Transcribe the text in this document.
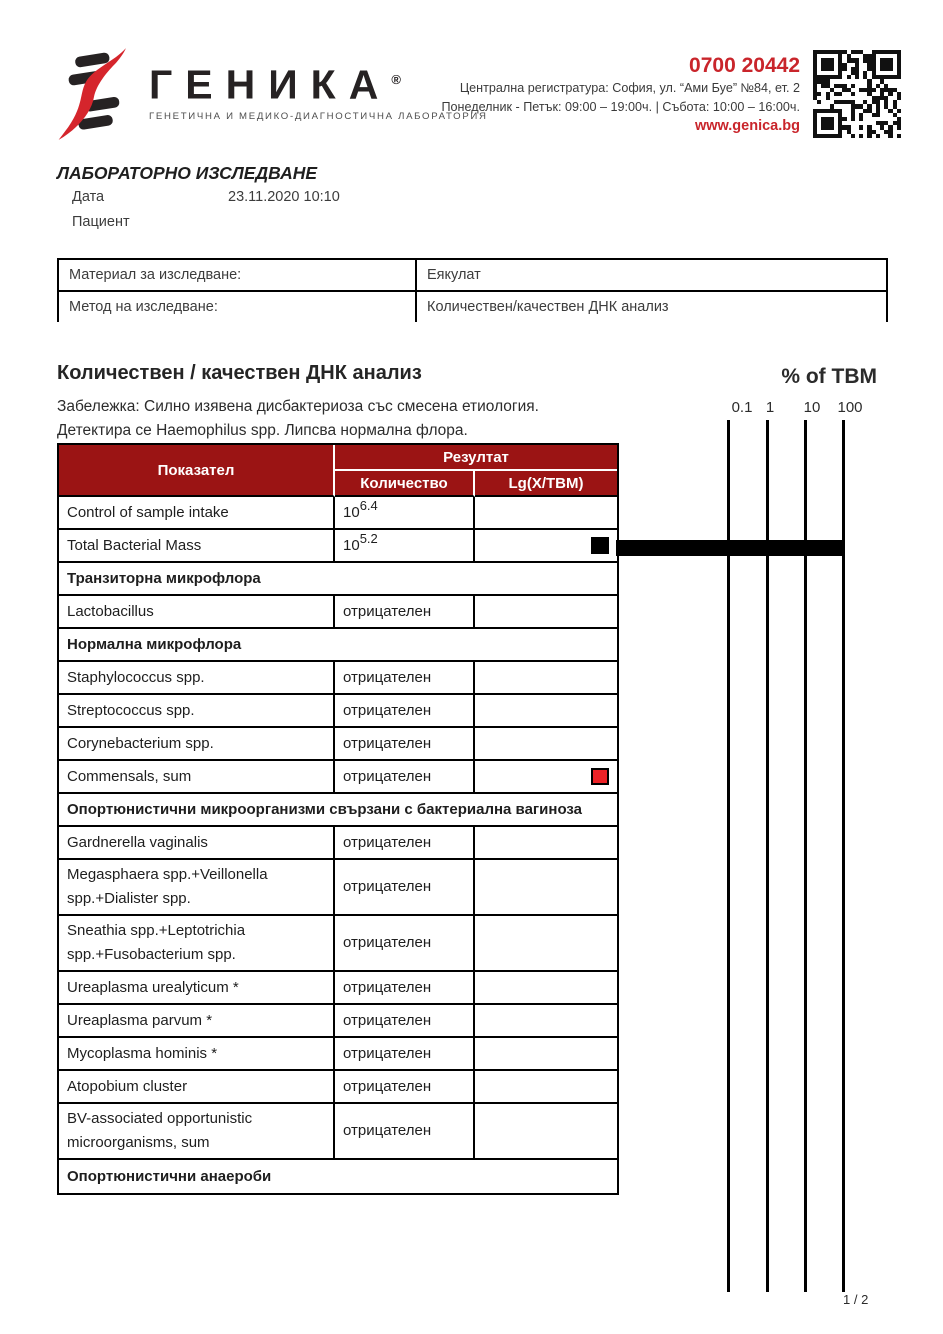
ГЕНИКА®
ГЕНЕТИЧНА И МЕДИКО-ДИАГНОСТИЧНА ЛАБОРАТОРИЯ
0700 20442
Централна регистратура: София, ул. “Ами Буе” №84, ет. 2
Понеделник - Петък: 09:00 – 19:00ч. | Събота: 10:00 – 16:00ч.
www.genica.bg
ЛАБОРАТОРНО ИЗСЛЕДВАНЕ
Дата	23.11.2020 10:10
Пациент
Материал за изследване:	Еякулат
Метод на изследване:	Количествен/качествен ДНК анализ
Количествен / качествен ДНК анализ
Забележка: Силно изявена дисбактериоза със смесена етиология.
Детектира се Haemophilus spp. Липсва нормална флора.
% of TBM
0.1 1 10 100
Показател	Резултат	
	Количество	Lg(X/TBM)
Control of sample intake	106.4	
Total Bacterial Mass	105.2	

Транзиторна микрофлора		
Lactobacillus	отрицателен	
Нормална микрофлора		
Staphylococcus spp.	отрицателен	
Streptococcus spp.	отрицателен	
Corynebacterium spp.	отрицателен	
Commensals, sum	отрицателен	

Опортюнистични микроорганизми свързани с бактериална вагиноза		
Gardnerella vaginalis	отрицателен	
Megasphaera spp.+Veillonella spp.+Dialister spp.	отрицателен	
Sneathia spp.+Leptotrichia spp.+Fusobacterium spp.	отрицателен	
Ureaplasma urealyticum *	отрицателен	
Ureaplasma parvum *	отрицателен	
Mycoplasma hominis *	отрицателен	
Atopobium cluster	отрицателен	
BV-associated opportunistic microorganisms, sum	отрицателен	
Опортюнистични анаероби		
1 / 2
